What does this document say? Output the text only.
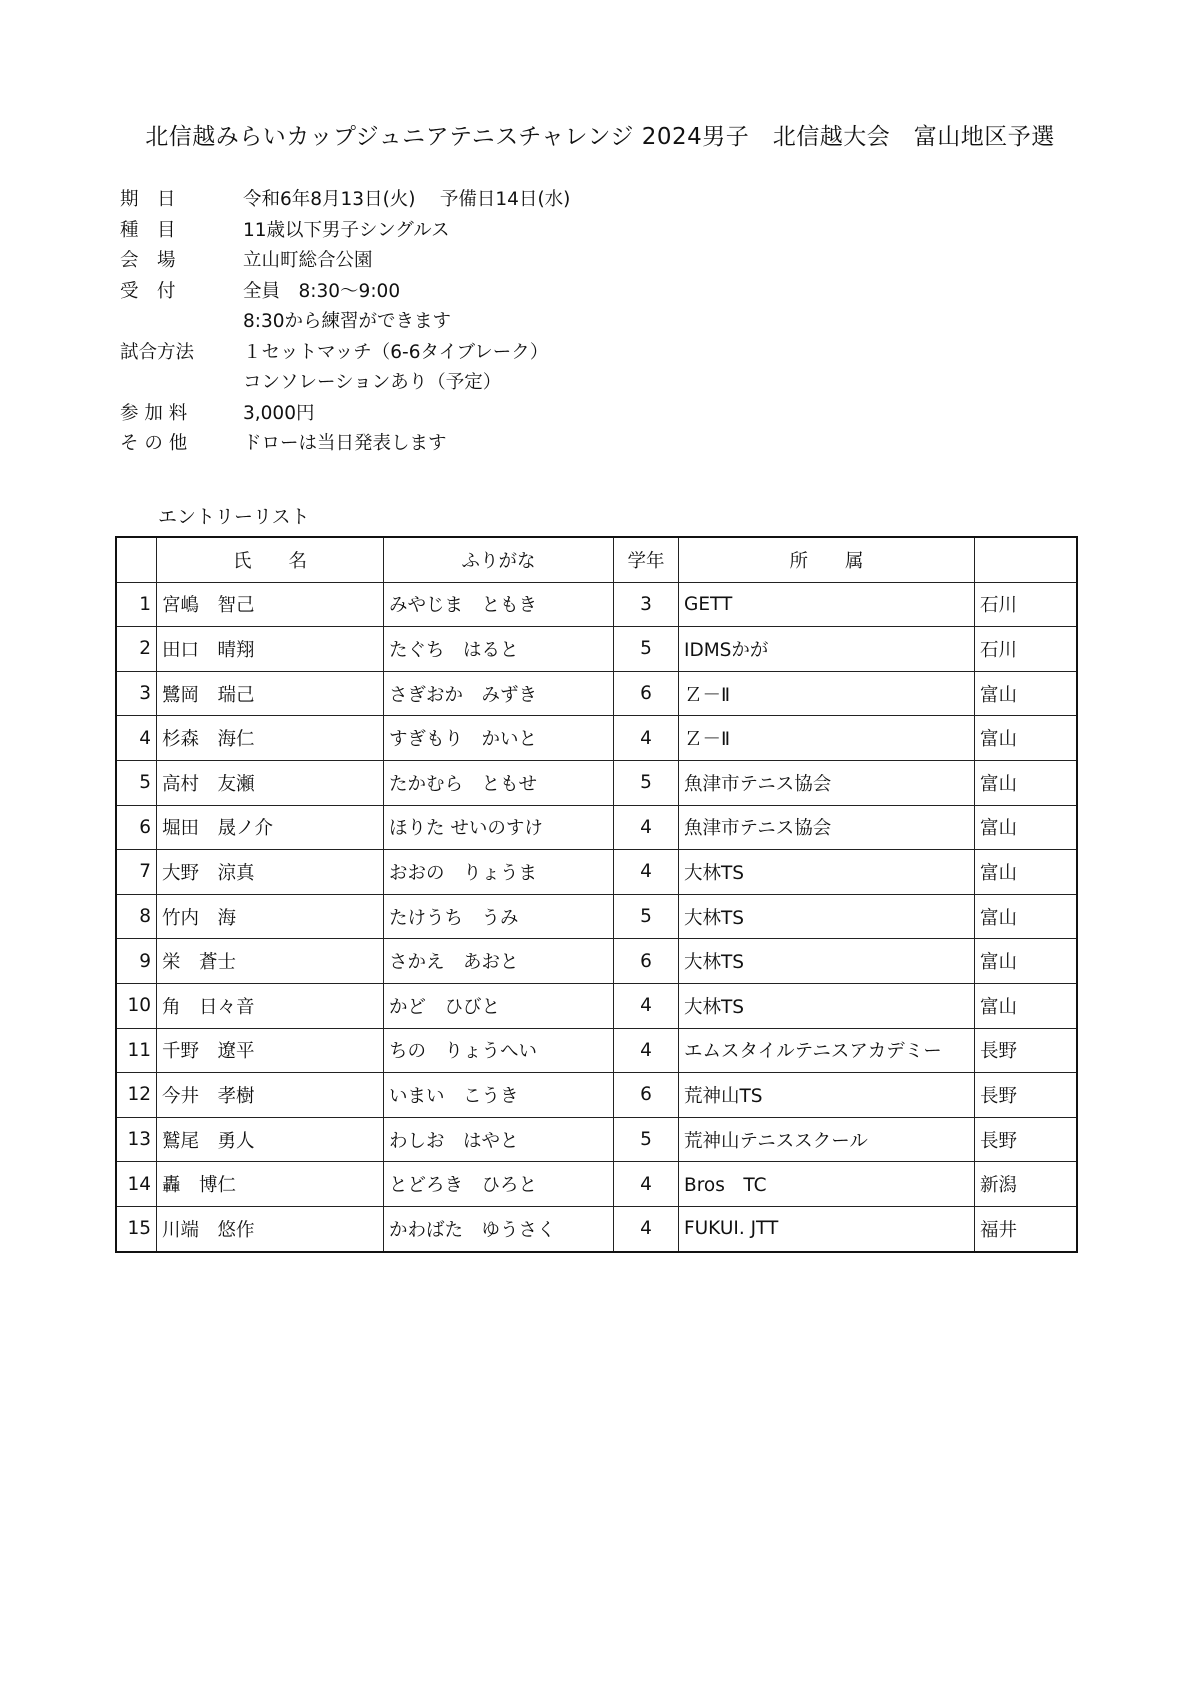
北信越みらいカップジュニアテニスチャレンジ 2024男子　北信越大会　富山地区予選
期　日	令和6年8月13日(火)　 予備日14日(水)
種　目	11歳以下男子シングルス
会　場	立山町総合公園
受　付	全員　8:30〜9:00
8:30から練習ができます
試合方法	１セットマッチ（6-6タイブレーク）
コンソレーションあり（予定）
参 加 料	3,000円
そ の 他	ドローは当日発表します
エントリーリスト
	氏　　名	ふりがな	学年	所　　属	
1	宮嶋　智己	みやじま　ともき	3	GETT	石川
2	田口　晴翔	たぐち　はると	5	IDMSかが	石川
3	鷺岡　瑞己	さぎおか　みずき	6	Ｚ－Ⅱ	富山
4	杉森　海仁	すぎもり　かいと	4	Ｚ－Ⅱ	富山
5	高村　友瀬	たかむら　ともせ	5	魚津市テニス協会	富山
6	堀田　晟ノ介	ほりた せいのすけ	4	魚津市テニス協会	富山
7	大野　涼真	おおの　りょうま	4	大林TS	富山
8	竹内　海	たけうち　うみ	5	大林TS	富山
9	栄　蒼士	さかえ　あおと	6	大林TS	富山
10	角　日々音	かど　ひびと	4	大林TS	富山
11	千野　遼平	ちの　りょうへい	4	エムスタイルテニスアカデミー	長野
12	今井　孝樹	いまい　こうき	6	荒神山TS	長野
13	鷲尾　勇人	わしお　はやと	5	荒神山テニススクール	長野
14	轟　博仁	とどろき　ひろと	4	Bros　TC	新潟
15	川端　悠作	かわばた　ゆうさく	4	FUKUI. JTT	福井
